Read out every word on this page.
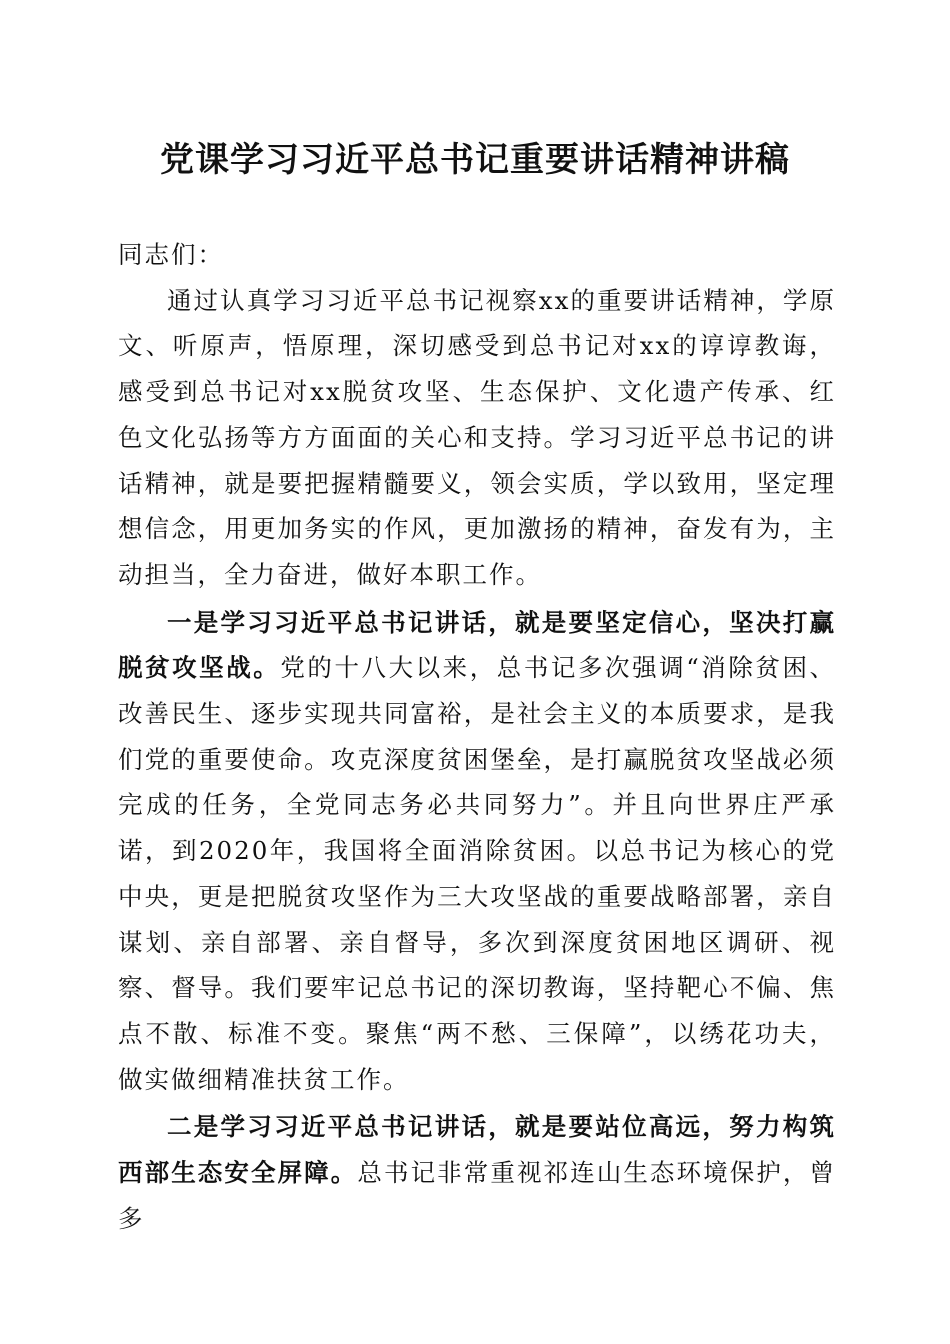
党课学习习近平总书记重要讲话精神讲稿

同志们：

通过认真学习习近平总书记视察xx的重要讲话精神，学原文、听原声，悟原理，深切感受到总书记对xx的谆谆教诲，感受到总书记对xx脱贫攻坚、生态保护、文化遗产传承、红色文化弘扬等方方面面的关心和支持。学习习近平总书记的讲话精神，就是要把握精髓要义，领会实质，学以致用，坚定理想信念，用更加务实的作风，更加激扬的精神，奋发有为，主动担当，全力奋进，做好本职工作。

一是学习习近平总书记讲话，就是要坚定信心，坚决打赢脱贫攻坚战。党的十八大以来，总书记多次强调“消除贫困、改善民生、逐步实现共同富裕，是社会主义的本质要求，是我们党的重要使命。攻克深度贫困堡垒，是打赢脱贫攻坚战必须完成的任务，全党同志务必共同努力”。并且向世界庄严承诺，到2020年，我国将全面消除贫困。以总书记为核心的党中央，更是把脱贫攻坚作为三大攻坚战的重要战略部署，亲自谋划、亲自部署、亲自督导，多次到深度贫困地区调研、视察、督导。我们要牢记总书记的深切教诲，坚持靶心不偏、焦点不散、标准不变。聚焦“两不愁、三保障”，以绣花功夫，做实做细精准扶贫工作。

二是学习习近平总书记讲话，就是要站位高远，努力构筑西部生态安全屏障。总书记非常重视祁连山生态环境保护，曾多
